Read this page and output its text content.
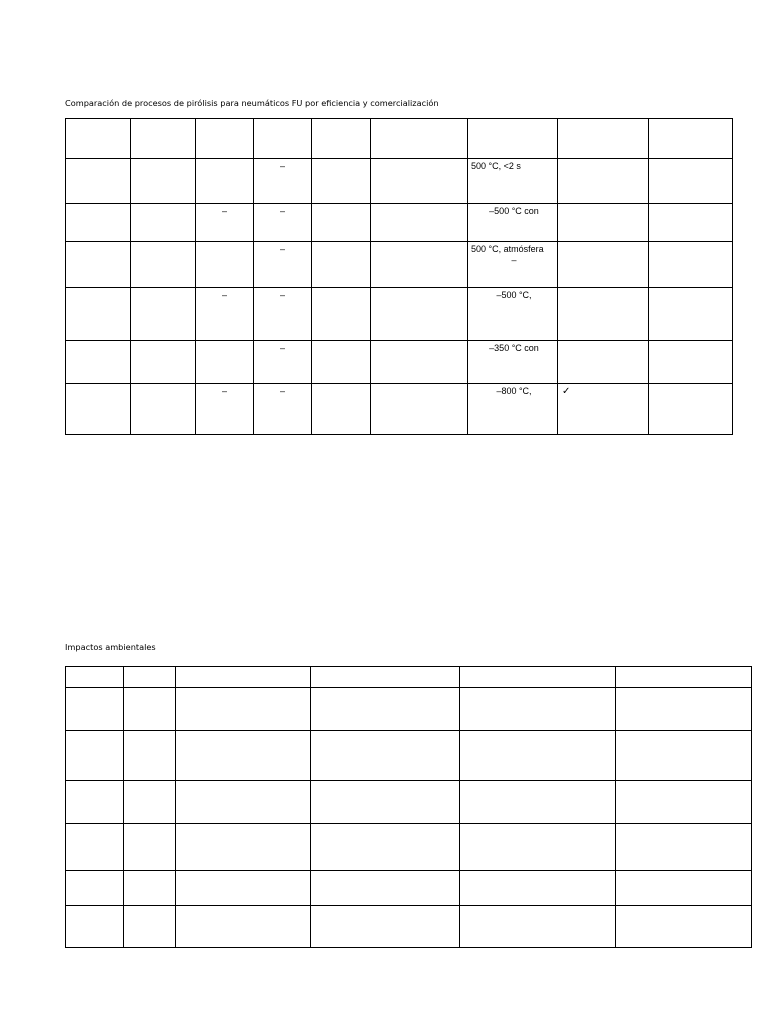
Comparación de procesos de pirólisis para neumáticos FU por eficiencia y comercialización

			–			500 °C, <2 s		

		–	–			–500 °C con		

			–			500 °C, atmósfera
–		

		–	–			–500 °C,		

			–			–350 °C con		

		–	–			–800 °C,	✓	
Impactos ambientales
